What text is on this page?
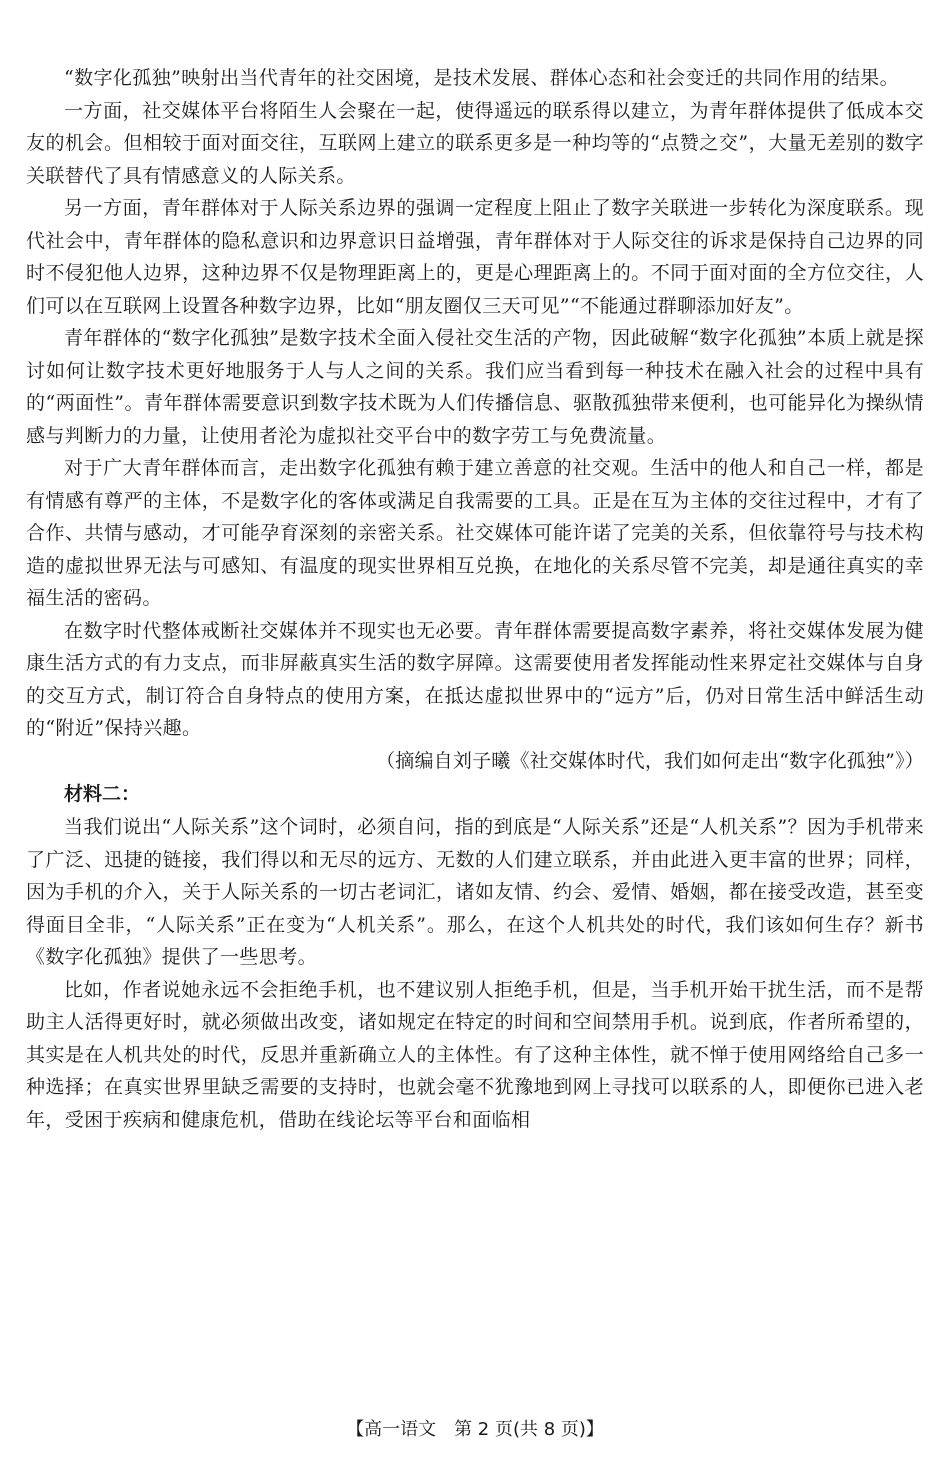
“数字化孤独”映射出当代青年的社交困境，是技术发展、群体心态和社会变迁的共同作用的结果。

一方面，社交媒体平台将陌生人会聚在一起，使得遥远的联系得以建立，为青年群体提供了低成本交友的机会。但相较于面对面交往，互联网上建立的联系更多是一种均等的“点赞之交”，大量无差别的数字关联替代了具有情感意义的人际关系。

另一方面，青年群体对于人际关系边界的强调一定程度上阻止了数字关联进一步转化为深度联系。现代社会中，青年群体的隐私意识和边界意识日益增强，青年群体对于人际交往的诉求是保持自己边界的同时不侵犯他人边界，这种边界不仅是物理距离上的，更是心理距离上的。不同于面对面的全方位交往，人们可以在互联网上设置各种数字边界，比如“朋友圈仅三天可见”“不能通过群聊添加好友”。

青年群体的“数字化孤独”是数字技术全面入侵社交生活的产物，因此破解“数字化孤独”本质上就是探讨如何让数字技术更好地服务于人与人之间的关系。我们应当看到每一种技术在融入社会的过程中具有的“两面性”。青年群体需要意识到数字技术既为人们传播信息、驱散孤独带来便利，也可能异化为操纵情感与判断力的力量，让使用者沦为虚拟社交平台中的数字劳工与免费流量。

对于广大青年群体而言，走出数字化孤独有赖于建立善意的社交观。生活中的他人和自己一样，都是有情感有尊严的主体，不是数字化的客体或满足自我需要的工具。正是在互为主体的交往过程中，才有了合作、共情与感动，才可能孕育深刻的亲密关系。社交媒体可能许诺了完美的关系，但依靠符号与技术构造的虚拟世界无法与可感知、有温度的现实世界相互兑换，在地化的关系尽管不完美，却是通往真实的幸福生活的密码。

在数字时代整体戒断社交媒体并不现实也无必要。青年群体需要提高数字素养，将社交媒体发展为健康生活方式的有力支点，而非屏蔽真实生活的数字屏障。这需要使用者发挥能动性来界定社交媒体与自身的交互方式，制订符合自身特点的使用方案，在抵达虚拟世界中的“远方”后，仍对日常生活中鲜活生动的“附近”保持兴趣。

（摘编自刘子曦《社交媒体时代，我们如何走出“数字化孤独”》）

材料二：

当我们说出“人际关系”这个词时，必须自问，指的到底是“人际关系”还是“人机关系”？因为手机带来了广泛、迅捷的链接，我们得以和无尽的远方、无数的人们建立联系，并由此进入更丰富的世界；同样，因为手机的介入，关于人际关系的一切古老词汇，诸如友情、约会、爱情、婚姻，都在接受改造，甚至变得面目全非，“人际关系”正在变为“人机关系”。那么，在这个人机共处的时代，我们该如何生存？新书《数字化孤独》提供了一些思考。

比如，作者说她永远不会拒绝手机，也不建议别人拒绝手机，但是，当手机开始干扰生活，而不是帮助主人活得更好时，就必须做出改变，诸如规定在特定的时间和空间禁用手机。说到底，作者所希望的，其实是在人机共处的时代，反思并重新确立人的主体性。有了这种主体性，就不惮于使用网络给自己多一种选择；在真实世界里缺乏需要的支持时，也就会毫不犹豫地到网上寻找可以联系的人，即便你已进入老年，受困于疾病和健康危机，借助在线论坛等平台和面临相

【高一语文　第 2 页(共 8 页)】
